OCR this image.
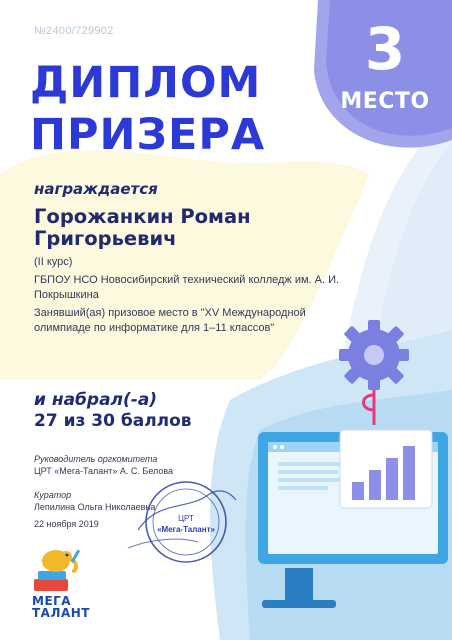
№2400/729902
ДИПЛОМ
ПРИЗЕРА
3
МЕСТО
награждается
Горожанкин Роман Григорьевич
(II курс)
ГБПОУ НСО Новосибирский технический колледж им. А. И. Покрышкина
Занявший(ая) призовое место в "XV Международной олимпиаде по информатике для 1–11 классов"
и набрал(-а)
27 из 30 баллов
Руководитель оргкомитета
ЦРТ «Мега-Талант» А. С. Белова
Куратор
Лепилина Ольга Николаевна
22 ноября 2019
ЦРТ
«Мега-Талант»
МЕГА
ТАЛАНТ
